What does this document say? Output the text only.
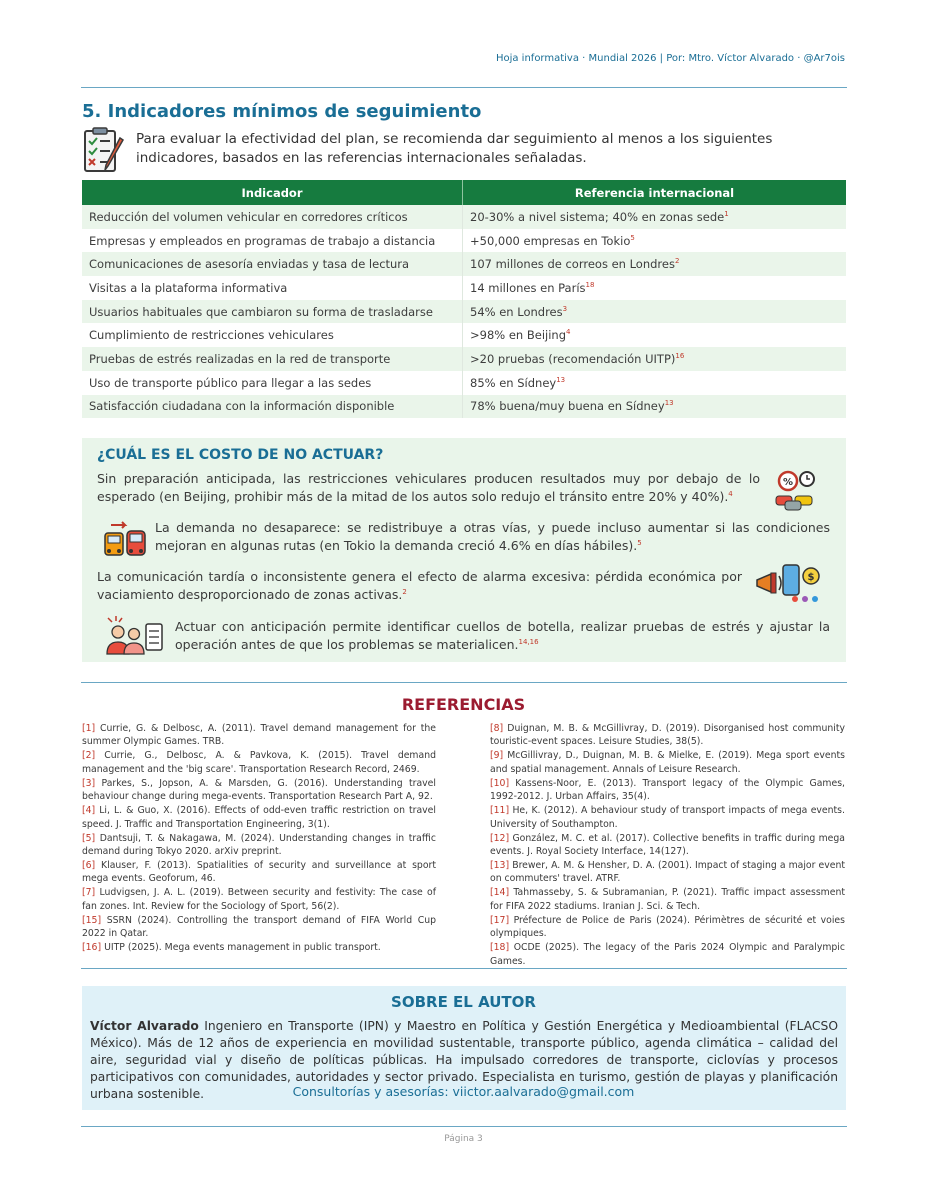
Hoja informativa · Mundial 2026 | Por: Mtro. Víctor Alvarado · @Ar7ois
5. Indicadores mínimos de seguimiento
Para evaluar la efectividad del plan, se recomienda dar seguimiento al menos a los siguientes indicadores, basados en las referencias internacionales señaladas.
Indicador	Referencia internacional
Reducción del volumen vehicular en corredores críticos	20-30% a nivel sistema; 40% en zonas sede$^1$
Empresas y empleados en programas de trabajo a distancia	+50,000 empresas en Tokio$^5$
Comunicaciones de asesoría enviadas y tasa de lectura	107 millones de correos en Londres$^2$
Visitas a la plataforma informativa	14 millones en París$^{18}$
Usuarios habituales que cambiaron su forma de trasladarse	54% en Londres$^3$
Cumplimiento de restricciones vehiculares	>98% en Beijing$^4$
Pruebas de estrés realizadas en la red de transporte	>20 pruebas (recomendación UITP)$^{16}$
Uso de transporte público para llegar a las sedes	85% en Sídney$^{13}$
Satisfacción ciudadana con la información disponible	78% buena/muy buena en Sídney$^{13}$
¿CUÁL ES EL COSTO DE NO ACTUAR?
Sin preparación anticipada, las restricciones vehiculares producen resultados muy por debajo de lo esperado (en Beijing, prohibir más de la mitad de los autos solo redujo el tránsito entre 20% y 40%).$^4$
%
La demanda no desaparece: se redistribuye a otras vías, y puede incluso aumentar si las condiciones mejoran en algunas rutas (en Tokio la demanda creció 4.6% en días hábiles).$^5$
La comunicación tardía o inconsistente genera el efecto de alarma excesiva: pérdida económica por vaciamiento desproporcionado de zonas activas.$^2$
$
Actuar con anticipación permite identificar cuellos de botella, realizar pruebas de estrés y ajustar la operación antes de que los problemas se materialicen.$^{14,16}$
REFERENCIAS

[1] Currie, G. & Delbosc, A. (2011). Travel demand management for the summer Olympic Games. TRB.

[2] Currie, G., Delbosc, A. & Pavkova, K. (2015). Travel demand management and the 'big scare'. Transportation Research Record, 2469.

[3] Parkes, S., Jopson, A. & Marsden, G. (2016). Understanding travel behaviour change during mega-events. Transportation Research Part A, 92.

[4] Li, L. & Guo, X. (2016). Effects of odd-even traffic restriction on travel speed. J. Traffic and Transportation Engineering, 3(1).

[5] Dantsuji, T. & Nakagawa, M. (2024). Understanding changes in traffic demand during Tokyo 2020. arXiv preprint.

[6] Klauser, F. (2013). Spatialities of security and surveillance at sport mega events. Geoforum, 46.

[7] Ludvigsen, J. A. L. (2019). Between security and festivity: The case of fan zones. Int. Review for the Sociology of Sport, 56(2).

[15] SSRN (2024). Controlling the transport demand of FIFA World Cup 2022 in Qatar.

[16] UITP (2025). Mega events management in public transport.

[8] Duignan, M. B. & McGillivray, D. (2019). Disorganised host community touristic-event spaces. Leisure Studies, 38(5).

[9] McGillivray, D., Duignan, M. B. & Mielke, E. (2019). Mega sport events and spatial management. Annals of Leisure Research.

[10] Kassens-Noor, E. (2013). Transport legacy of the Olympic Games, 1992-2012. J. Urban Affairs, 35(4).

[11] He, K. (2012). A behaviour study of transport impacts of mega events. University of Southampton.

[12] González, M. C. et al. (2017). Collective benefits in traffic during mega events. J. Royal Society Interface, 14(127).

[13] Brewer, A. M. & Hensher, D. A. (2001). Impact of staging a major event on commuters' travel. ATRF.

[14] Tahmasseby, S. & Subramanian, P. (2021). Traffic impact assessment for FIFA 2022 stadiums. Iranian J. Sci. & Tech.

[17] Préfecture de Police de Paris (2024). Périmètres de sécurité et voies olympiques.

[18] OCDE (2025). The legacy of the Paris 2024 Olympic and Paralympic Games.

SOBRE EL AUTOR
Víctor Alvarado Ingeniero en Transporte (IPN) y Maestro en Política y Gestión Energética y Medioambiental (FLACSO México). Más de 12 años de experiencia en movilidad sustentable, transporte público, agenda climática – calidad del aire, seguridad vial y diseño de políticas públicas. Ha impulsado corredores de transporte, ciclovías y procesos participativos con comunidades, autoridades y sector privado. Especialista en turismo, gestión de playas y planificación urbana sostenible.	Consultorías y asesorías: viictor.aalvarado@gmail.com
Página 3
